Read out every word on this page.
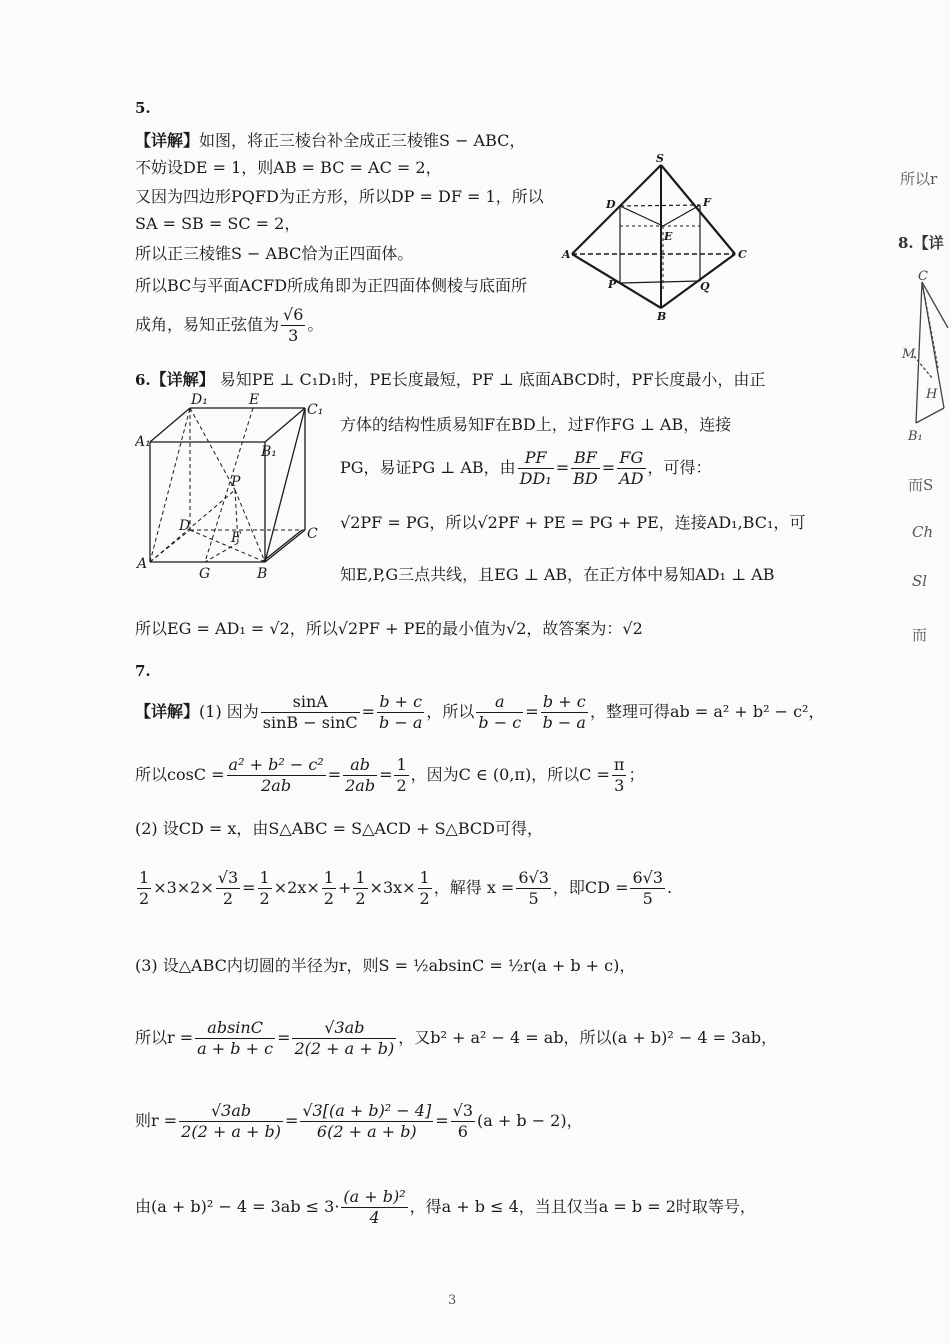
5.
【详解】如图，将正三棱台补全成正三棱锥S − ABC，
不妨设DE = 1，则AB = BC = AC = 2，
又因为四边形PQFD为正方形，所以DP = DF = 1，所以
SA = SB = SC = 2，
所以正三棱锥S − ABC恰为正四面体。
所以BC与平面ACFD所成角即为正四面体侧棱与底面所
成角，易知正弦值为 $\frac{√6}{3}$ 。
S
D	F
E
A	C
P	Q
B
6.【详解】 易知PE ⊥ C₁D₁时，PE长度最短，PF ⊥ 底面ABCD时，PF长度最小，由正
D₁	E
C₁
A₁
B₁
P
D
F	C
A
G	B
方体的结构性质易知F在BD上，过F作FG ⊥ AB，连接
PG，易证PG ⊥ AB，由 $\frac{PF}{\text{DD₁}} = \frac{BF}{BD} = \frac{FG}{AD}$ ，可得：
√2PF = PG，所以√2PF + PE = PG + PE，连接AD₁,BC₁，可
知E,P,G三点共线，且EG ⊥ AB，在正方体中易知AD₁ ⊥ AB
所以EG = AD₁ = √2，所以√2PF + PE的最小值为√2，故答案为：√2
7.
【详解】(1) 因为 $\frac{\sin A}{\sin B - \sin C} = \frac{b + c}{b - a}$ ，所以 $\frac{a}{b - c} = \frac{b + c}{b - a}$ ，整理可得ab = a² + b² − c²，
所以$\cos C = \frac{\text{a² + b² − c²}}{2ab} = \frac{ab}{2ab} = \frac{1}{2}$ ，因为C ∈ (0,π)，所以$C = \frac{\pi}{3}$ ；
(2) 设CD = x，由S△ABC = S△ACD + S△BCD可得，
$\frac{1}{2} \times 3\times 2\times \frac{√3}{2} = \frac{1}{2} \times 2x\times \frac{1}{2} + \frac{1}{2} \times 3x\times \frac{1}{2}$ ，解得 $x = \frac{6√3}{5}$ ，即CD = $\frac{6√3}{5}$ .
(3) 设△ABC内切圆的半径为r，则S = ½absinC = ½r(a + b + c)，
所以$r = \frac{absinC}{a + b + c} = \frac{√3ab}{2(2 + a + b)}$ ，又b² + a² − 4 = ab，所以(a + b)² − 4 = 3ab，
则$r = \frac{√3ab}{2(2 + a + b)} = \frac{\text{√3[(a + b)² − 4]}}{6(2 + a + b)} = \frac{√3}{6} (a + b - 2)$，
由$(a + b)^2 - 4 = 3ab \le 3\cdot \frac{\text{(a + b)²}}{4}$ ，得a + b ≤ 4，当且仅当a = b = 2时取等号，
3
所以r
8.【详
C
M
H
B₁
而S
Ch
Sl
而
